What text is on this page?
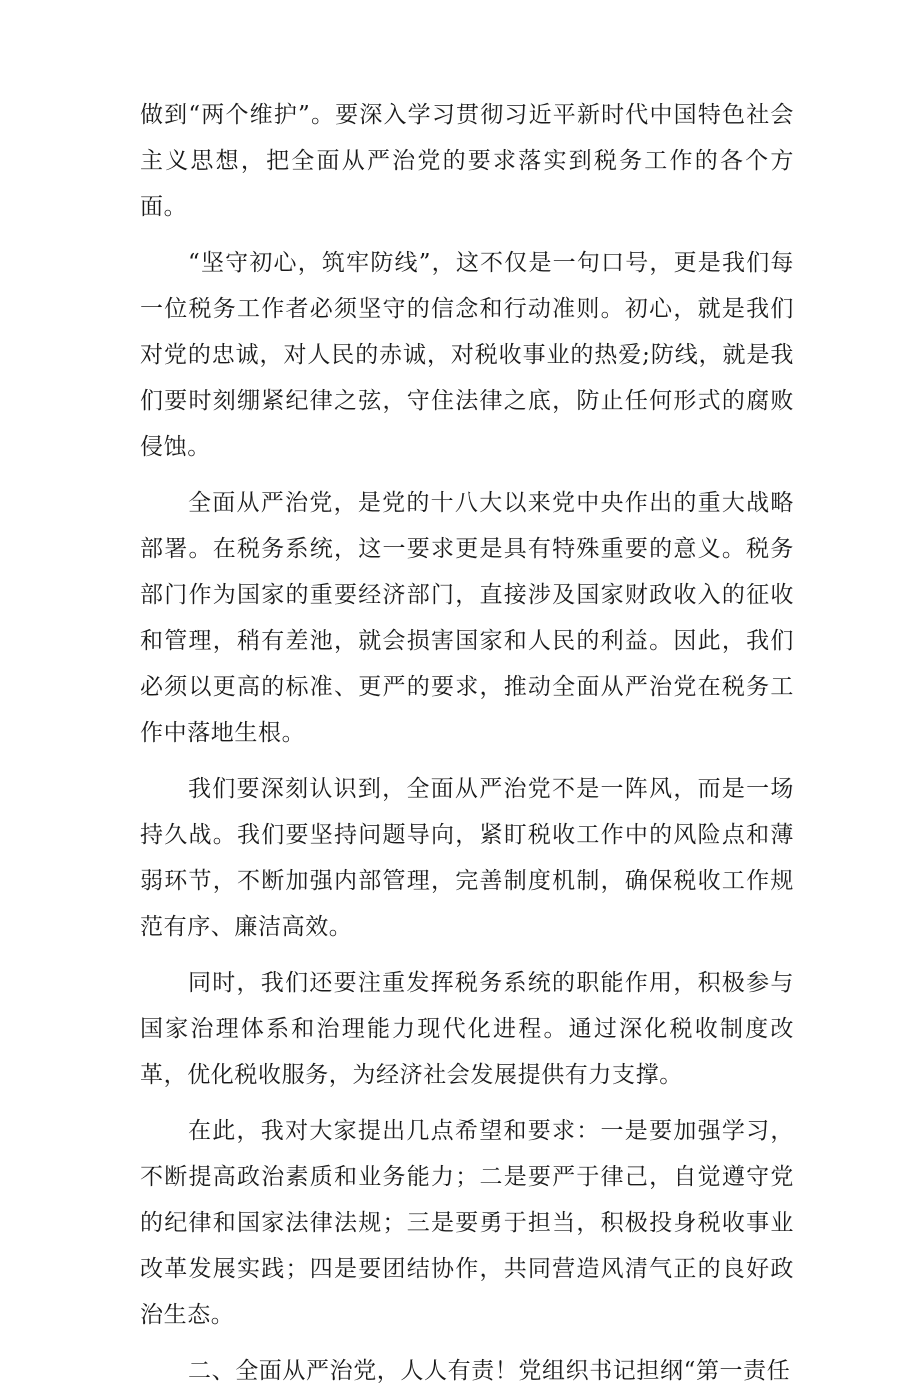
做到“两个维护”。要深入学习贯彻习近平新时代中国特色社会主义思想，把全面从严治党的要求落实到税务工作的各个方面。

“坚守初心，筑牢防线”，这不仅是一句口号，更是我们每一位税务工作者必须坚守的信念和行动准则。初心，就是我们对党的忠诚，对人民的赤诚，对税收事业的热爱;防线，就是我们要时刻绷紧纪律之弦，守住法律之底，防止任何形式的腐败侵蚀。

全面从严治党，是党的十八大以来党中央作出的重大战略部署。在税务系统，这一要求更是具有特殊重要的意义。税务部门作为国家的重要经济部门，直接涉及国家财政收入的征收和管理，稍有差池，就会损害国家和人民的利益。因此，我们必须以更高的标准、更严的要求，推动全面从严治党在税务工作中落地生根。

我们要深刻认识到，全面从严治党不是一阵风，而是一场持久战。我们要坚持问题导向，紧盯税收工作中的风险点和薄弱环节，不断加强内部管理，完善制度机制，确保税收工作规范有序、廉洁高效。

同时，我们还要注重发挥税务系统的职能作用，积极参与国家治理体系和治理能力现代化进程。通过深化税收制度改革，优化税收服务，为经济社会发展提供有力支撑。

在此，我对大家提出几点希望和要求：一是要加强学习，不断提高政治素质和业务能力；二是要严于律己，自觉遵守党的纪律和国家法律法规；三是要勇于担当，积极投身税收事业改革发展实践；四是要团结协作，共同营造风清气正的良好政治生态。

二、全面从严治党，人人有责！党组织书记担纲“第一责任
